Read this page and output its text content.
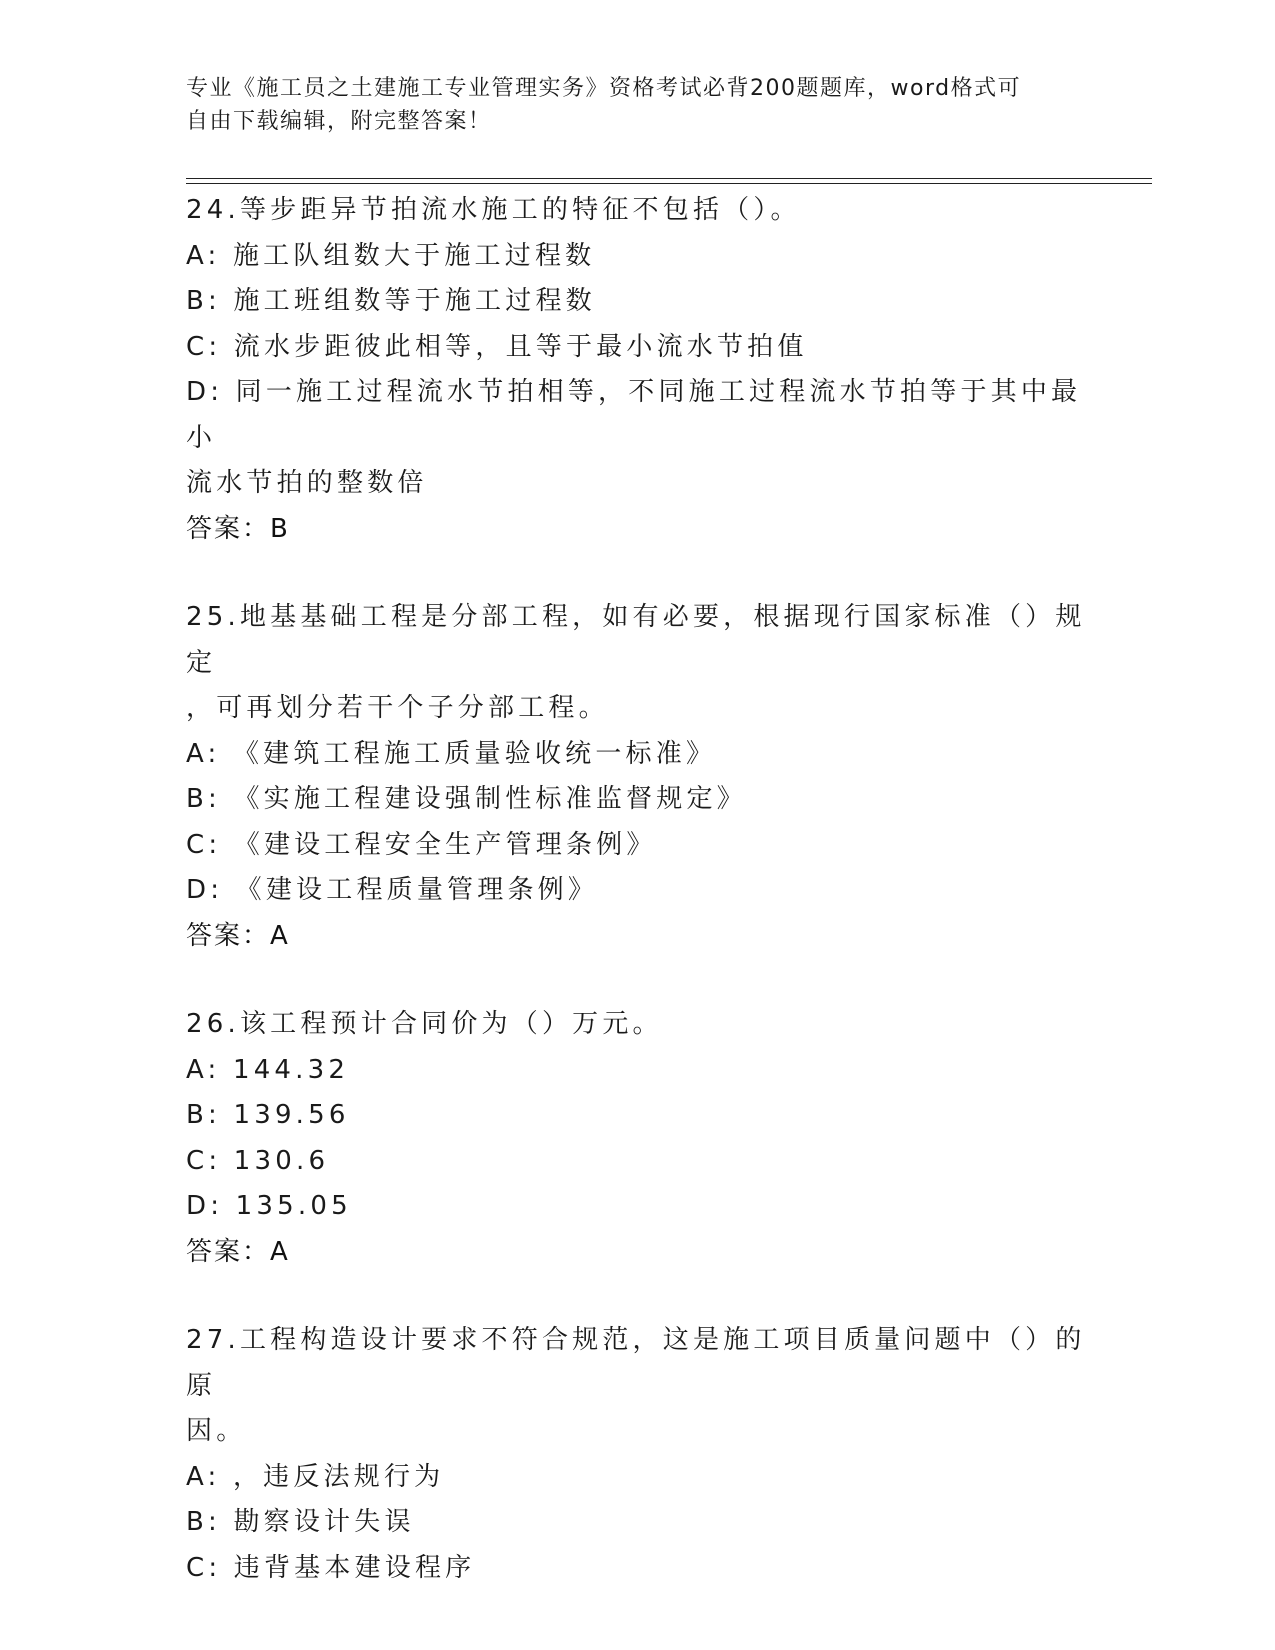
专业《施工员之土建施工专业管理实务》资格考试必背200题题库，word格式可
自由下载编辑，附完整答案！
24.等步距异节拍流水施工的特征不包括（）。
A: 施工队组数大于施工过程数
B: 施工班组数等于施工过程数
C: 流水步距彼此相等，且等于最小流水节拍值
D: 同一施工过程流水节拍相等，不同施工过程流水节拍等于其中最小
流水节拍的整数倍
答案：B
25.地基基础工程是分部工程，如有必要，根据现行国家标准（）规定
，可再划分若干个子分部工程。
A: 《建筑工程施工质量验收统一标准》
B: 《实施工程建设强制性标准监督规定》
C: 《建设工程安全生产管理条例》
D: 《建设工程质量管理条例》
答案：A
26.该工程预计合同价为（）万元。
A: 144.32
B: 139.56
C: 130.6
D: 135.05
答案：A
27.工程构造设计要求不符合规范，这是施工项目质量问题中（）的原
因。
A: ，违反法规行为
B: 勘察设计失误
C: 违背基本建设程序
